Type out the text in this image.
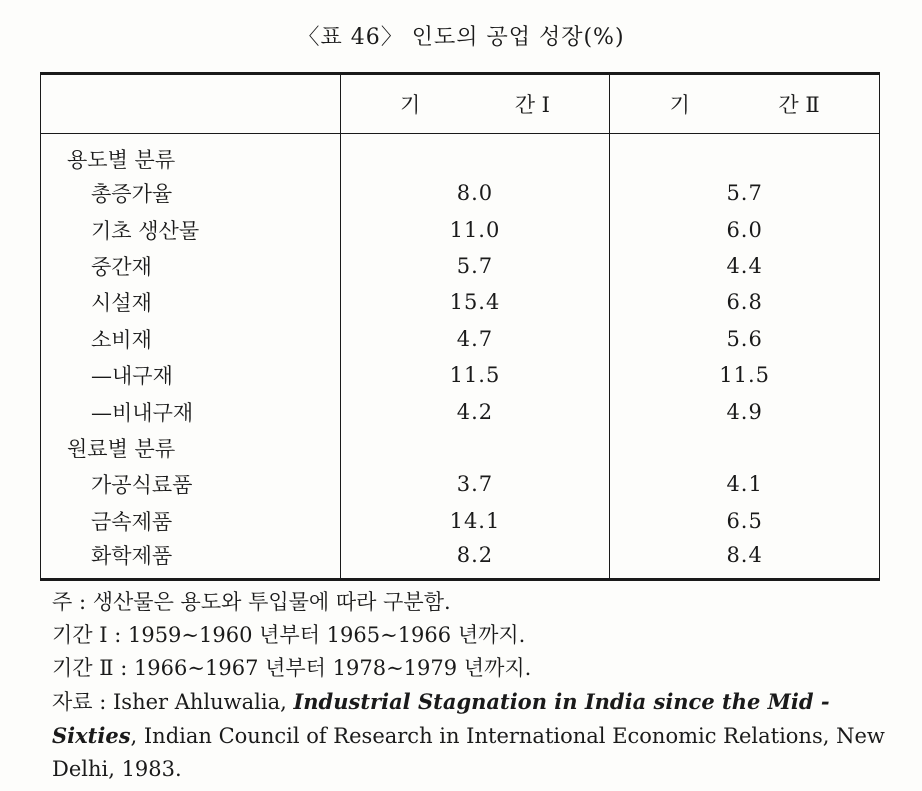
〈표 46〉 인도의 공업 성장(%)

	기 간 I	기 간 Ⅱ

용도별 분류		
총증가율	8.0	5.7
기초 생산물	11.0	6.0
중간재	5.7	4.4
시설재	15.4	6.8
소비재	4.7	5.6
—내구재	11.5	11.5
—비내구재	4.2	4.9
원료별 분류		
가공식료품	3.7	4.1
금속제품	14.1	6.5
화학제품	8.2	8.4
주 : 생산물은 용도와 투입물에 따라 구분함.
기간 I : 1959∼1960 년부터 1965∼1966 년까지.
기간 Ⅱ : 1966∼1967 년부터 1978∼1979 년까지.
자료 : Isher Ahluwalia, Industrial Stagnation in India since the Mid -Sixties, Indian Council of Research in International Economic Relations, New Delhi, 1983.
